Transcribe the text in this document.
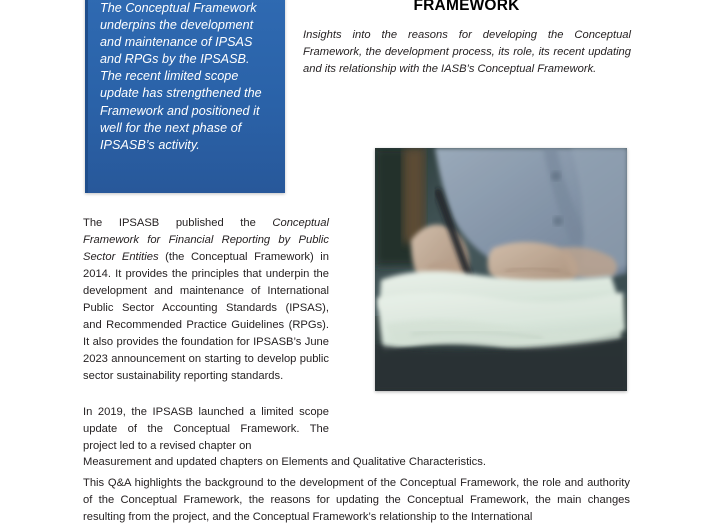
The Conceptual Framework underpins the development and maintenance of IPSAS and RPGs by the IPSASB. The recent limited scope update has strengthened the Framework and positioned it well for the next phase of IPSASB’s activity.

FRAMEWORK

Insights into the reasons for developing the Conceptual Framework, the development process, its role, its recent updating and its relationship with the IASB’s Conceptual Framework.

The IPSASB published the Conceptual Framework for Financial Reporting by Public Sector Entities (the Conceptual Framework) in 2014. It provides the principles that underpin the development and maintenance of International Public Sector Accounting Standards (IPSAS), and Recommended Practice Guidelines (RPGs). It also provides the foundation for IPSASB’s June 2023 announcement on starting to develop public sector sustainability reporting standards.

In 2019, the IPSASB launched a limited scope update of the Conceptual Framework. The project led to a revised chapter on

Measurement and updated chapters on Elements and Qualitative Characteristics.

This Q&A highlights the background to the development of the Conceptual Framework, the role and authority of the Conceptual Framework, the reasons for updating the Conceptual Framework, the main changes resulting from the project, and the Conceptual Framework’s relationship to the International
